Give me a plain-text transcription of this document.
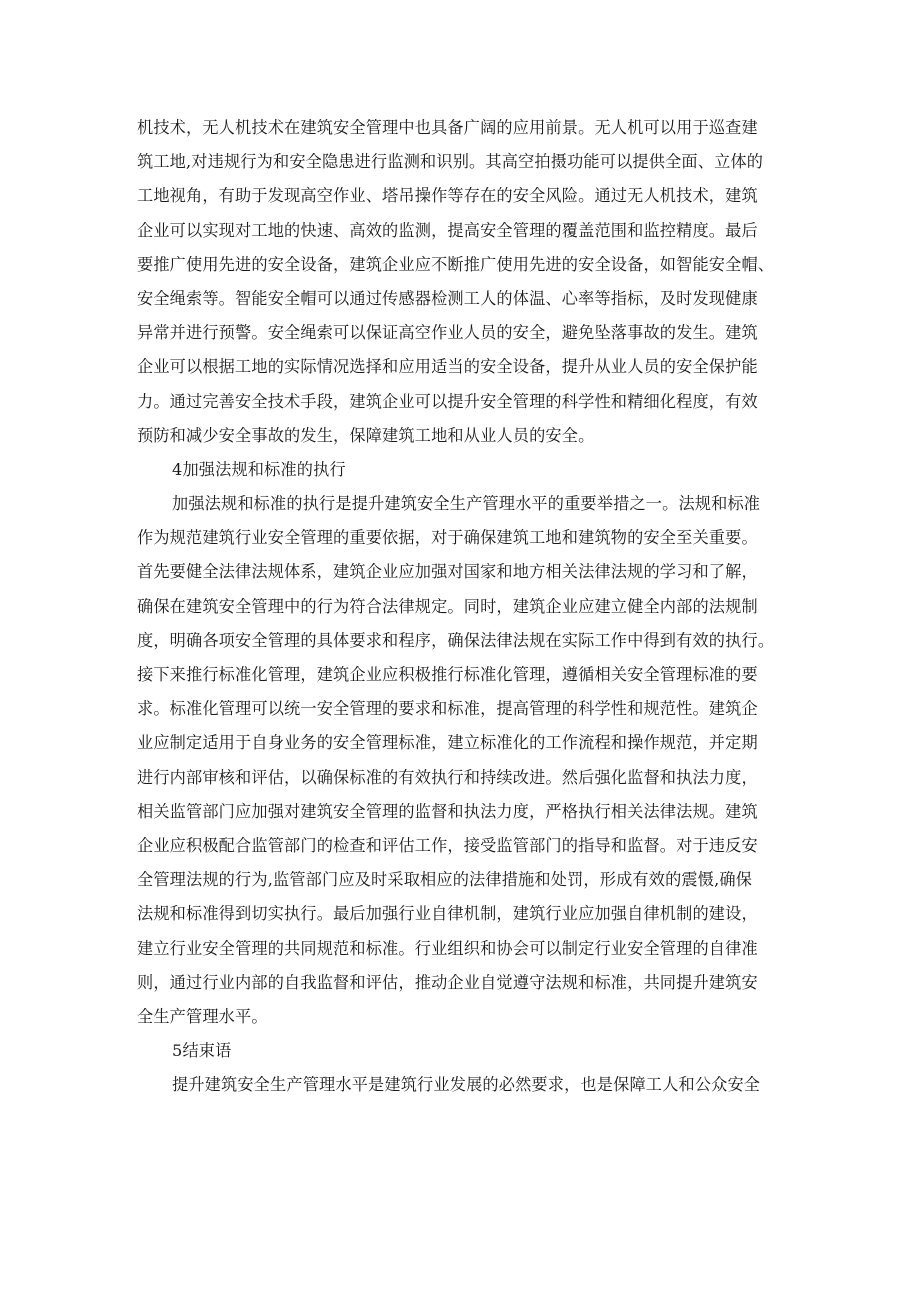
机技术，无人机技术在建筑安全管理中也具备广阔的应用前景。无人机可以用于巡查建
筑工地,对违规行为和安全隐患进行监测和识别。其高空拍摄功能可以提供全面、立体的
工地视角，有助于发现高空作业、塔吊操作等存在的安全风险。通过无人机技术，建筑
企业可以实现对工地的快速、高效的监测，提高安全管理的覆盖范围和监控精度。最后
要推广使用先进的安全设备，建筑企业应不断推广使用先进的安全设备，如智能安全帽、
安全绳索等。智能安全帽可以通过传感器检测工人的体温、心率等指标，及时发现健康
异常并进行预警。安全绳索可以保证高空作业人员的安全，避免坠落事故的发生。建筑
企业可以根据工地的实际情况选择和应用适当的安全设备，提升从业人员的安全保护能
力。通过完善安全技术手段，建筑企业可以提升安全管理的科学性和精细化程度，有效
预防和减少安全事故的发生，保障建筑工地和从业人员的安全。
4加强法规和标准的执行
加强法规和标准的执行是提升建筑安全生产管理水平的重要举措之一。法规和标准
作为规范建筑行业安全管理的重要依据，对于确保建筑工地和建筑物的安全至关重要。
首先要健全法律法规体系，建筑企业应加强对国家和地方相关法律法规的学习和了解，
确保在建筑安全管理中的行为符合法律规定。同时，建筑企业应建立健全内部的法规制
度，明确各项安全管理的具体要求和程序，确保法律法规在实际工作中得到有效的执行。
接下来推行标准化管理，建筑企业应积极推行标准化管理，遵循相关安全管理标准的要
求。标准化管理可以统一安全管理的要求和标准，提高管理的科学性和规范性。建筑企
业应制定适用于自身业务的安全管理标准，建立标准化的工作流程和操作规范，并定期
进行内部审核和评估，以确保标准的有效执行和持续改进。然后强化监督和执法力度，
相关监管部门应加强对建筑安全管理的监督和执法力度，严格执行相关法律法规。建筑
企业应积极配合监管部门的检查和评估工作，接受监管部门的指导和监督。对于违反安
全管理法规的行为,监管部门应及时采取相应的法律措施和处罚，形成有效的震慑,确保
法规和标准得到切实执行。最后加强行业自律机制，建筑行业应加强自律机制的建设，
建立行业安全管理的共同规范和标准。行业组织和协会可以制定行业安全管理的自律准
则，通过行业内部的自我监督和评估，推动企业自觉遵守法规和标准，共同提升建筑安
全生产管理水平。
5结束语
提升建筑安全生产管理水平是建筑行业发展的必然要求，也是保障工人和公众安全
